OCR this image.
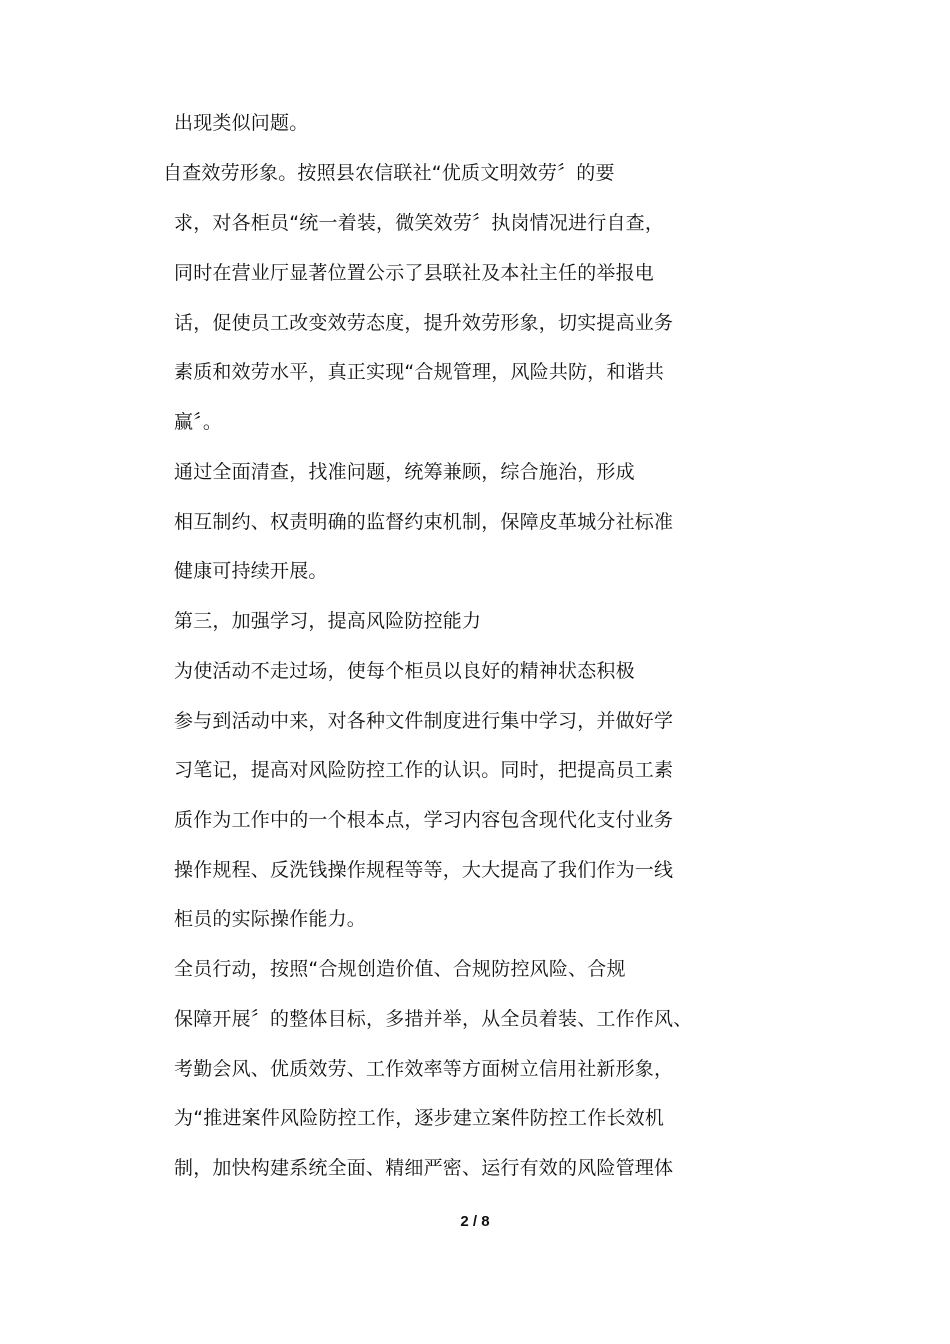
出现类似问题。
自查效劳形象。按照县农信联社“优质文明效劳〞的要
求，对各柜员“统一着装，微笑效劳〞执岗情况进行自查，
同时在营业厅显著位置公示了县联社及本社主任的举报电
话，促使员工改变效劳态度，提升效劳形象，切实提高业务
素质和效劳水平，真正实现“合规管理，风险共防，和谐共
赢〞。
通过全面清查，找准问题，统筹兼顾，综合施治，形成
相互制约、权责明确的监督约束机制，保障皮革城分社标准
健康可持续开展。
第三，加强学习，提高风险防控能力
为使活动不走过场，使每个柜员以良好的精神状态积极
参与到活动中来，对各种文件制度进行集中学习，并做好学
习笔记，提高对风险防控工作的认识。同时，把提高员工素
质作为工作中的一个根本点，学习内容包含现代化支付业务
操作规程、反洗钱操作规程等等，大大提高了我们作为一线
柜员的实际操作能力。
全员行动，按照“合规创造价值、合规防控风险、合规
保障开展〞的整体目标，多措并举，从全员着装、工作作风、
考勤会风、优质效劳、工作效率等方面树立信用社新形象，
为“推进案件风险防控工作，逐步建立案件防控工作长效机
制，加快构建系统全面、精细严密、运行有效的风险管理体
2 / 8
